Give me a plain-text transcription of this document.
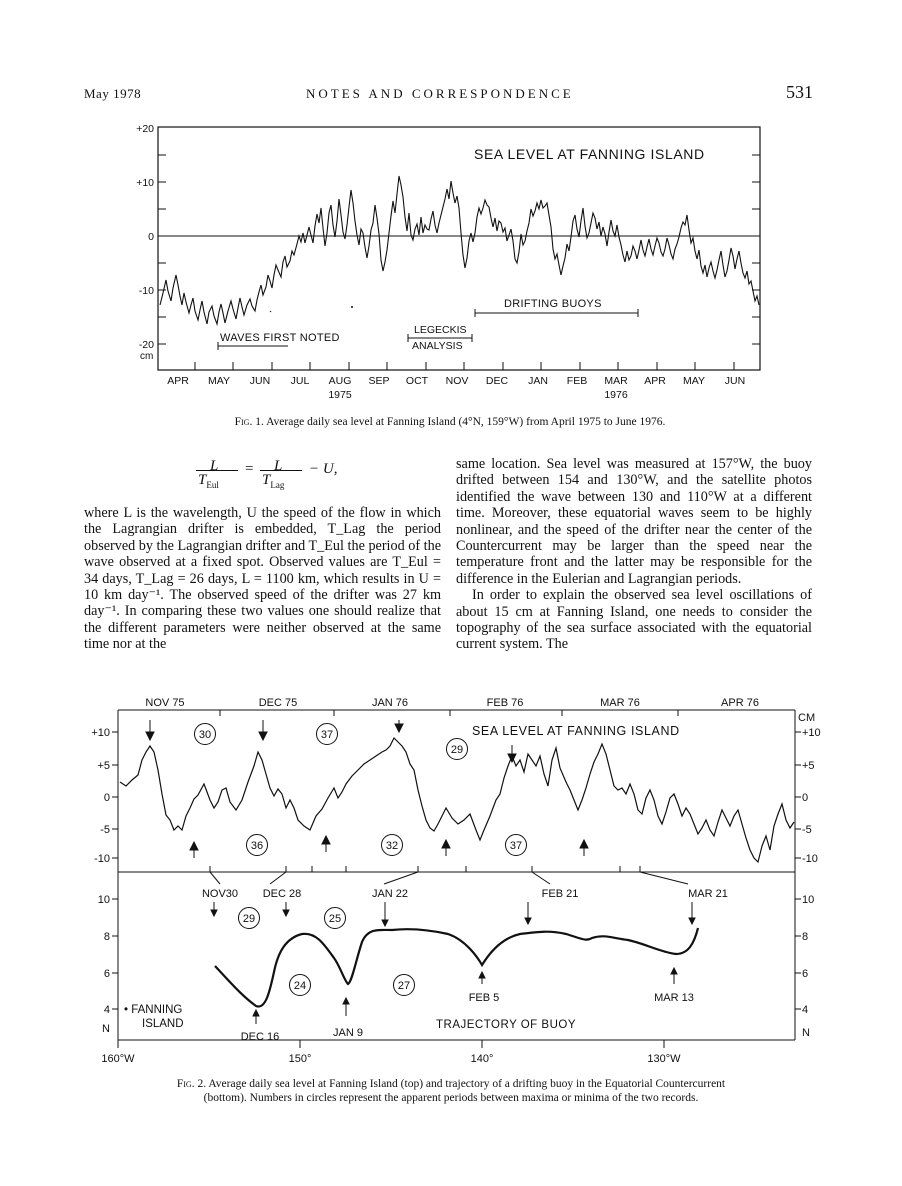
May 1978	NOTES AND CORRESPONDENCE	531
+20
+10
0
-10
-20
cm
SEA LEVEL AT FANNING ISLAND
WAVES FIRST NOTED
LEGECKIS
ANALYSIS
DRIFTING BUOYS
APR MAY JUN JUL AUG SEP OCT NOV DEC JAN FEB MAR APR MAY JUN
1975	1976
Fig. 1. Average daily sea level at Fanning Island (4°N, 159°W) from April 1975 to June 1976.
L
$T_{Eul}$
= L
$T_{Lag}$
− U,

where L is the wavelength, U the speed of the flow in which the Lagrangian drifter is embedded, T_Lag the period observed by the Lagrangian drifter and T_Eul the period of the wave observed at a fixed spot. Observed values are T_Eul = 34 days, T_Lag = 26 days, L = 1100 km, which results in U = 10 km day⁻¹. The observed speed of the drifter was 27 km day⁻¹. In comparing these two values one should realize that the different parameters were neither observed at the same time nor at the

same location. Sea level was measured at 157°W, the buoy drifted between 154 and 130°W, and the satellite photos identified the wave between 130 and 110°W at a different time. Moreover, these equatorial waves seem to be highly nonlinear, and the speed of the drifter near the center of the Countercurrent may be larger than the speed near the temperature front and the latter may be responsible for the difference in the Eulerian and Lagrangian periods.

In order to explain the observed sea level oscillations of about 15 cm at Fanning Island, one needs to consider the topography of the sea surface associated with the equatorial current system. The

NOV 75	DEC 75	JAN 76	FEB 76	MAR 76	APR 76
+10
+5
0
-5
-10
CM
+10
+5
0
-5
-10
SEA LEVEL AT FANNING ISLAND
30	37
29
36	32	37
10
8
6
4
N
10
8
6
4
N
NOV30 DEC 28	JAN 22	FEB 21	MAR 21
29	25
24	27
DEC 16	JAN 9
FEB 5	MAR 13
• FANNING
ISLAND	TRAJECTORY OF BUOY
160°W	150°	140°	130°W
Fig. 2. Average daily sea level at Fanning Island (top) and trajectory of a drifting buoy in the Equatorial Countercurrent
(bottom). Numbers in circles represent the apparent periods between maxima or minima of the two records.
